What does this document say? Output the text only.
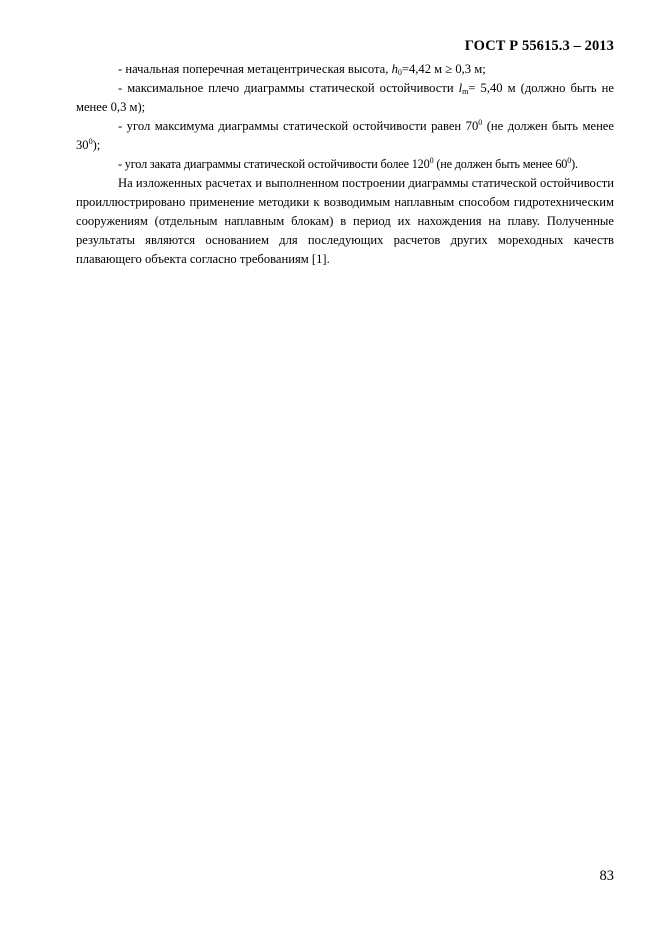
ГОСТ Р 55615.3 – 2013

- начальная поперечная метацентрическая высота, $h_0=4,42$ м ≥ 0,3 м;

- максимальное плечо диаграммы статической остойчивости $l_m= 5,40$ м (должно быть не менее 0,3 м);

- угол максимума диаграммы статической остойчивости равен $70^0$ (не должен быть менее $30^0$);

- угол заката диаграммы статической остойчивости более $120^0$ (не должен быть менее $60^0$).

На изложенных расчетах и выполненном построении диаграммы статической остойчивости проиллюстрировано применение методики к возводимым наплавным способом гидротехническим сооружениям (отдельным наплавным блокам) в период их нахождения на плаву. Полученные результаты являются основанием для последующих расчетов других мореходных качеств плавающего объекта согласно требованиям [1].

83
